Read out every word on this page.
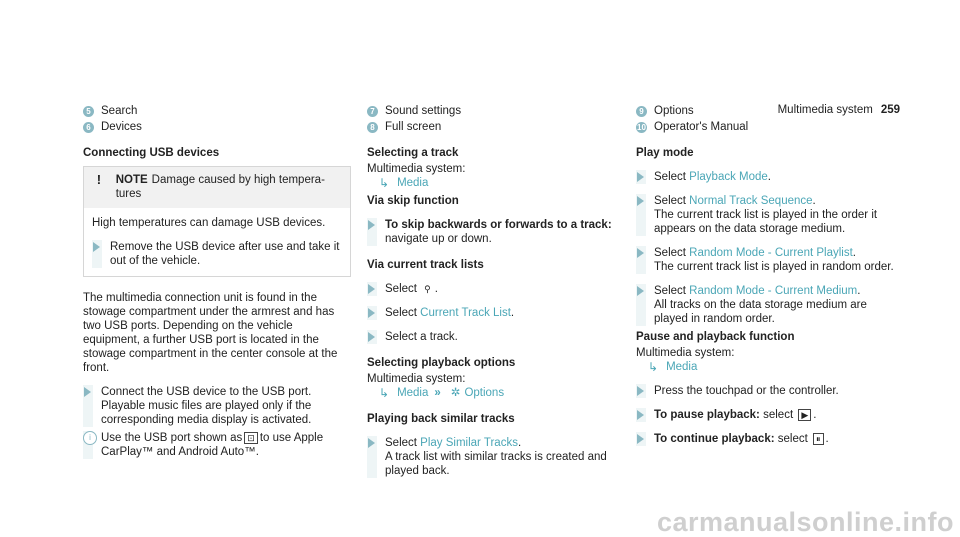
Multimedia system 259
5 Search
6 Devices
Connecting USB devices
!	NOTE Damage caused by high temperatures
High temperatures can damage USB devices.
Remove the USB device after use and take it out of the vehicle.
The multimedia connection unit is found in the stowage compartment under the armrest and has two USB ports. Depending on the vehicle equipment, a further USB port is located in the stowage compartment in the center console at the front.
Connect the USB device to the USB port. Playable music files are played only if the corresponding media display is activated.
i Use the USB port shown as ⊡ to use Apple CarPlay™ and Android Auto™.
7 Sound settings
8 Full screen
Selecting a track
Multimedia system:
↳ Media
Via skip function
To skip backwards or forwards to a track: navigate up or down.
Via current track lists
Select ⚲ .
Select Current Track List.
Select a track.
Selecting playback options
Multimedia system:
↳ Media » ✲ Options
Playing back similar tracks
Select Play Similar Tracks.
A track list with similar tracks is created and played back.
9 Options
10 Operator's Manual
Play mode
Select Playback Mode.
Select Normal Track Sequence.
The current track list is played in the order it appears on the data storage medium.
Select Random Mode - Current Playlist.
The current track list is played in random order.
Select Random Mode - Current Medium.
All tracks on the data storage medium are played in random order.
Pause and playback function
Multimedia system:
↳ Media
Press the touchpad or the controller.
To pause playback: select ▶ .
To continue playback: select ⏸ .
carmanualsonline.info
